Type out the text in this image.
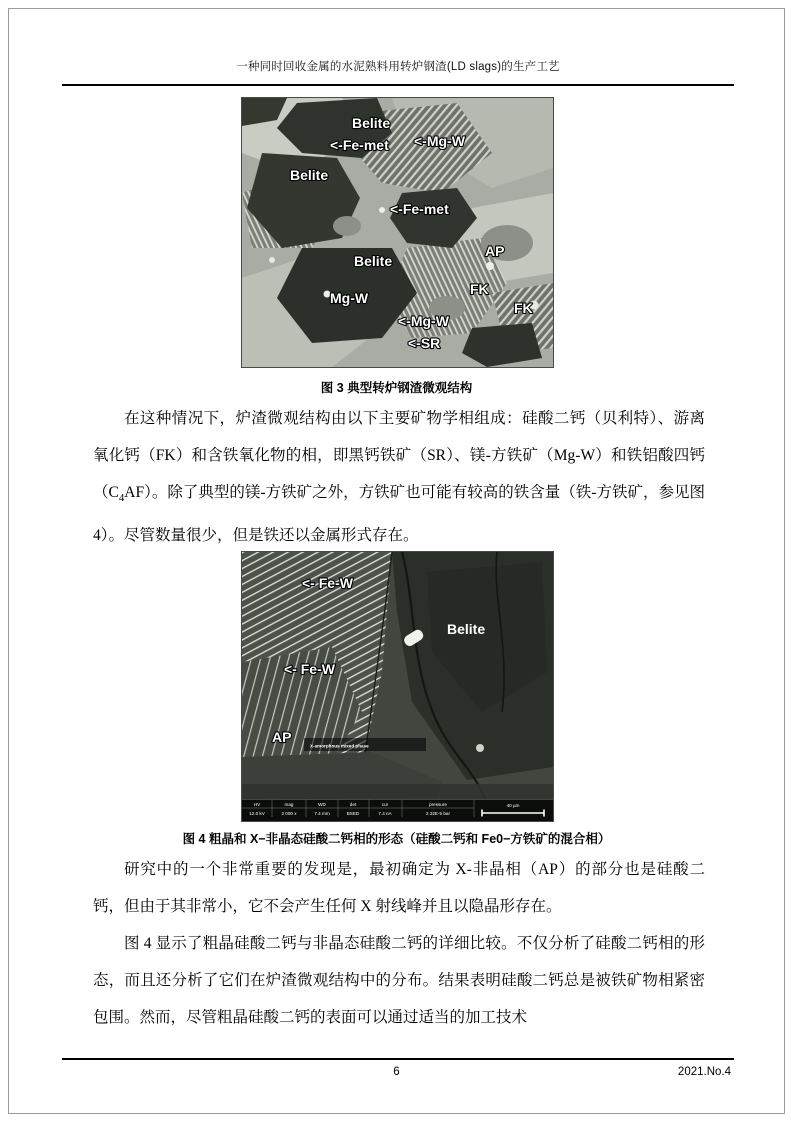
一种同时回收金属的水泥熟料用转炉钢渣(LD slags)的生产工艺
Belite
<-Fe-met <-Mg-W
Belite
<-Fe-met
AP
Belite
FK
Mg-W
FK
<-Mg-W
<-SR
图 3 典型转炉钢渣微观结构

在这种情况下，炉渣微观结构由以下主要矿物学相组成：硅酸二钙（贝利特）、游离氧化钙（FK）和含铁氧化物的相，即黑钙铁矿（SR）、镁-方铁矿（Mg-W）和铁铝酸四钙$(C_4AF)$。除了典型的镁-方铁矿之外，方铁矿也可能有较高的铁含量（铁-方铁矿，参见图 4）。尽管数量很少，但是铁还以金属形式存在。

X-amorphous mixed phase
HV	mag	WD	det	cur	pressure
12.0 kV	2 000 x	7.4 mm	BSED	7.4 nA	2.32E-5 bar
40 µm
<- Fe-W
Belite
<- Fe-W
AP
图 4 粗晶和 X−非晶态硅酸二钙相的形态（硅酸二钙和 Fe0−方铁矿的混合相）

研究中的一个非常重要的发现是，最初确定为 X-非晶相（AP）的部分也是硅酸二钙，但由于其非常小，它不会产生任何 X 射线峰并且以隐晶形存在。

图 4 显示了粗晶硅酸二钙与非晶态硅酸二钙的详细比较。不仅分析了硅酸二钙相的形态，而且还分析了它们在炉渣微观结构中的分布。结果表明硅酸二钙总是被铁矿物相紧密包围。然而，尽管粗晶硅酸二钙的表面可以通过适当的加工技术

6	2021.No.4
